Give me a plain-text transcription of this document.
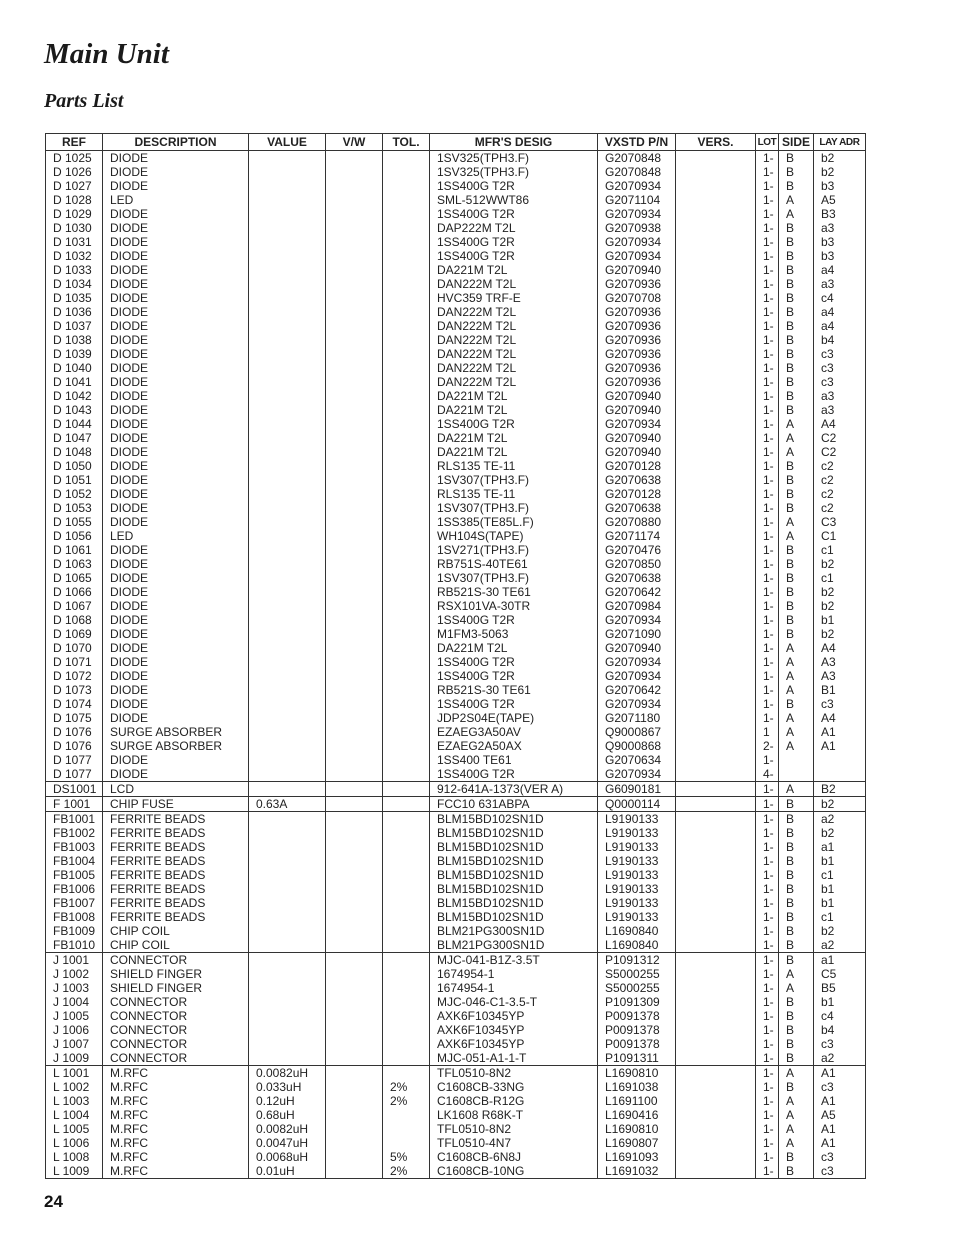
Main Unit
Parts List
REF	DESCRIPTION	VALUE	V/W	TOL.	MFR'S DESIG	VXSTD P/N	VERS.	LOT	SIDE	LAY ADR
D 1025	DIODE				1SV325(TPH3.F)	G2070848		1-	B	b2
D 1026	DIODE				1SV325(TPH3.F)	G2070848		1-	B	b2
D 1027	DIODE				1SS400G T2R	G2070934		1-	B	b3
D 1028	LED				SML-512WWT86	G2071104		1-	A	A5
D 1029	DIODE				1SS400G T2R	G2070934		1-	A	B3
D 1030	DIODE				DAP222M T2L	G2070938		1-	B	a3
D 1031	DIODE				1SS400G T2R	G2070934		1-	B	b3
D 1032	DIODE				1SS400G T2R	G2070934		1-	B	b3
D 1033	DIODE				DA221M T2L	G2070940		1-	B	a4
D 1034	DIODE				DAN222M T2L	G2070936		1-	B	a3
D 1035	DIODE				HVC359 TRF-E	G2070708		1-	B	c4
D 1036	DIODE				DAN222M T2L	G2070936		1-	B	a4
D 1037	DIODE				DAN222M T2L	G2070936		1-	B	a4
D 1038	DIODE				DAN222M T2L	G2070936		1-	B	b4
D 1039	DIODE				DAN222M T2L	G2070936		1-	B	c3
D 1040	DIODE				DAN222M T2L	G2070936		1-	B	c3
D 1041	DIODE				DAN222M T2L	G2070936		1-	B	c3
D 1042	DIODE				DA221M T2L	G2070940		1-	B	a3
D 1043	DIODE				DA221M T2L	G2070940		1-	B	a3
D 1044	DIODE				1SS400G T2R	G2070934		1-	A	A4
D 1047	DIODE				DA221M T2L	G2070940		1-	A	C2
D 1048	DIODE				DA221M T2L	G2070940		1-	A	C2
D 1050	DIODE				RLS135 TE-11	G2070128		1-	B	c2
D 1051	DIODE				1SV307(TPH3.F)	G2070638		1-	B	c2
D 1052	DIODE				RLS135 TE-11	G2070128		1-	B	c2
D 1053	DIODE				1SV307(TPH3.F)	G2070638		1-	B	c2
D 1055	DIODE				1SS385(TE85L.F)	G2070880		1-	A	C3
D 1056	LED				WH104S(TAPE)	G2071174		1-	A	C1
D 1061	DIODE				1SV271(TPH3.F)	G2070476		1-	B	c1
D 1063	DIODE				RB751S-40TE61	G2070850		1-	B	b2
D 1065	DIODE				1SV307(TPH3.F)	G2070638		1-	B	c1
D 1066	DIODE				RB521S-30 TE61	G2070642		1-	B	b2
D 1067	DIODE				RSX101VA-30TR	G2070984		1-	B	b2
D 1068	DIODE				1SS400G T2R	G2070934		1-	B	b1
D 1069	DIODE				M1FM3-5063	G2071090		1-	B	b2
D 1070	DIODE				DA221M T2L	G2070940		1-	A	A4
D 1071	DIODE				1SS400G T2R	G2070934		1-	A	A3
D 1072	DIODE				1SS400G T2R	G2070934		1-	A	A3
D 1073	DIODE				RB521S-30 TE61	G2070642		1-	A	B1
D 1074	DIODE				1SS400G T2R	G2070934		1-	B	c3
D 1075	DIODE				JDP2S04E(TAPE)	G2071180		1-	A	A4
D 1076	SURGE ABSORBER				EZAEG3A50AV	Q9000867		1	A	A1
D 1076	SURGE ABSORBER				EZAEG2A50AX	Q9000868		2-	A	A1
D 1077	DIODE				1SS400 TE61	G2070634		1-		
D 1077	DIODE				1SS400G T2R	G2070934		4-		
DS1001	LCD				912-641A-1373(VER A)	G6090181		1-	A	B2
F 1001	CHIP FUSE	0.63A			FCC10 631ABPA	Q0000114		1-	B	b2
FB1001	FERRITE BEADS				BLM15BD102SN1D	L9190133		1-	B	a2
FB1002	FERRITE BEADS				BLM15BD102SN1D	L9190133		1-	B	b2
FB1003	FERRITE BEADS				BLM15BD102SN1D	L9190133		1-	B	a1
FB1004	FERRITE BEADS				BLM15BD102SN1D	L9190133		1-	B	b1
FB1005	FERRITE BEADS				BLM15BD102SN1D	L9190133		1-	B	c1
FB1006	FERRITE BEADS				BLM15BD102SN1D	L9190133		1-	B	b1
FB1007	FERRITE BEADS				BLM15BD102SN1D	L9190133		1-	B	b1
FB1008	FERRITE BEADS				BLM15BD102SN1D	L9190133		1-	B	c1
FB1009	CHIP COIL				BLM21PG300SN1D	L1690840		1-	B	b2
FB1010	CHIP COIL				BLM21PG300SN1D	L1690840		1-	B	a2
J 1001	CONNECTOR				MJC-041-B1Z-3.5T	P1091312		1-	B	a1
J 1002	SHIELD FINGER				1674954-1	S5000255		1-	A	C5
J 1003	SHIELD FINGER				1674954-1	S5000255		1-	A	B5
J 1004	CONNECTOR				MJC-046-C1-3.5-T	P1091309		1-	B	b1
J 1005	CONNECTOR				AXK6F10345YP	P0091378		1-	B	c4
J 1006	CONNECTOR				AXK6F10345YP	P0091378		1-	B	b4
J 1007	CONNECTOR				AXK6F10345YP	P0091378		1-	B	c3
J 1009	CONNECTOR				MJC-051-A1-1-T	P1091311		1-	B	a2
L 1001	M.RFC	0.0082uH			TFL0510-8N2	L1690810		1-	A	A1
L 1002	M.RFC	0.033uH		2%	C1608CB-33NG	L1691038		1-	B	c3
L 1003	M.RFC	0.12uH		2%	C1608CB-R12G	L1691100		1-	A	A1
L 1004	M.RFC	0.68uH			LK1608 R68K-T	L1690416		1-	A	A5
L 1005	M.RFC	0.0082uH			TFL0510-8N2	L1690810		1-	A	A1
L 1006	M.RFC	0.0047uH			TFL0510-4N7	L1690807		1-	A	A1
L 1008	M.RFC	0.0068uH		5%	C1608CB-6N8J	L1691093		1-	B	c3
L 1009	M.RFC	0.01uH		2%	C1608CB-10NG	L1691032		1-	B	c3
24
